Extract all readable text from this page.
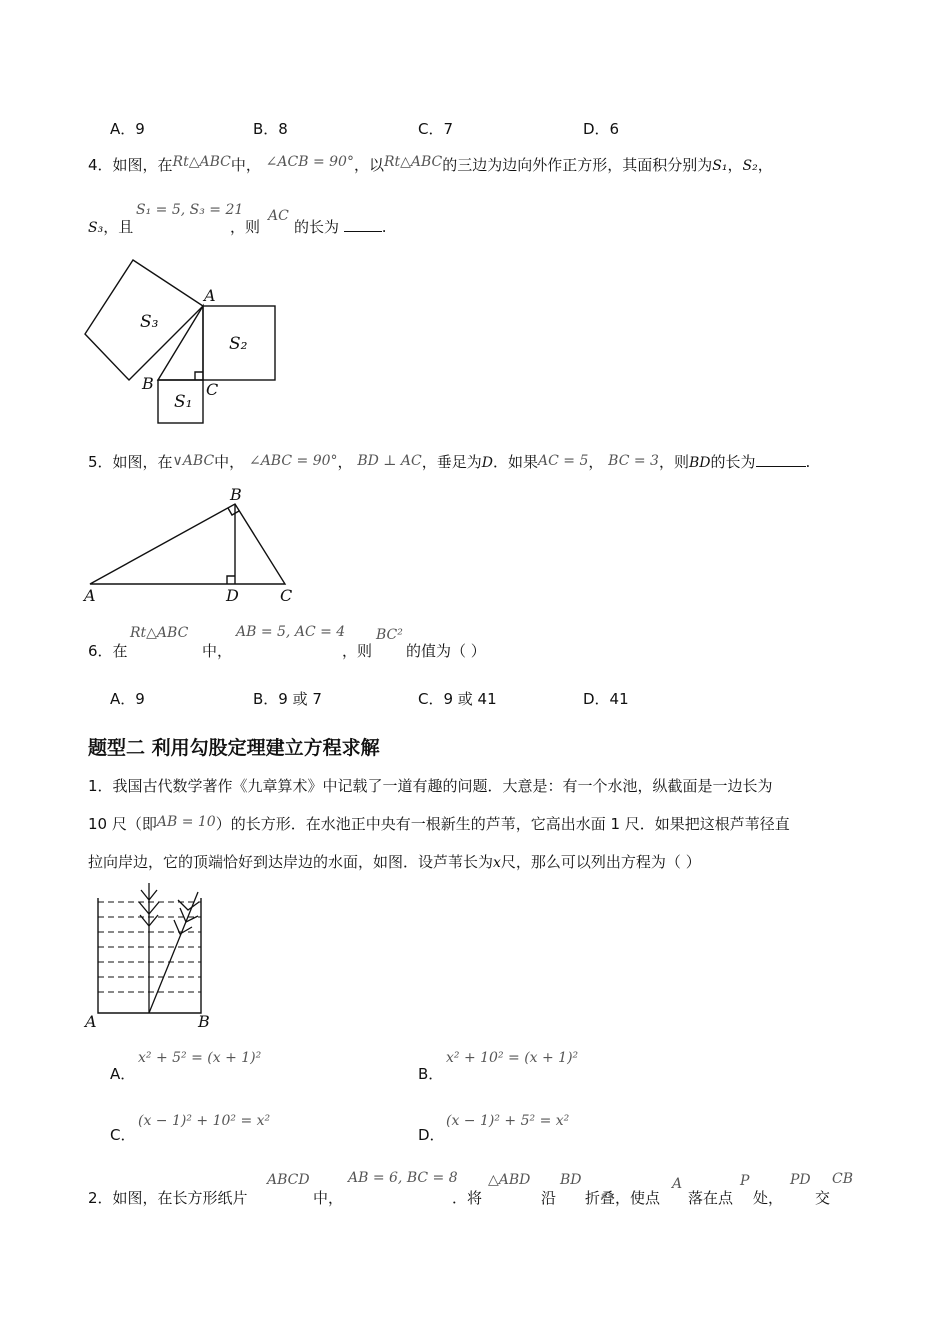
A．9	B．8	C．7	D．6
4．如图，在Rt△ABC中， ∠ACB = 90°，以Rt△ABC的三边为边向外作正方形，其面积分别为S₁，S₂，
S₃，且
S₁ = 5, S₃ = 21
，则
AC
的长为	.
A
B	C
S₃
S₂
S₁
5．如图，在∨ABC中， ∠ABC = 90°， BD ⊥ AC，垂足为D．如果AC = 5， BC = 3，则BD的长为	.
B
A	D	C
6．在
Rt△ABC
中，
AB = 5, AC = 4
，则
BC²
的值为（ ）
A．9	B．9 或 7	C．9 或 41	D．41
题型二 利用勾股定理建立方程求解
1．我国古代数学著作《九章算术》中记载了一道有趣的问题．大意是：有一个水池，纵截面是一边长为
10 尺（即AB = 10）的长方形．在水池正中央有一根新生的芦苇，它高出水面 1 尺．如果把这根芦苇径直
拉向岸边，它的顶端恰好到达岸边的水面，如图．设芦苇长为x尺，那么可以列出方程为（ ）
A	B
A．
x² + 5² = (x + 1)²
B．
x² + 10² = (x + 1)²
C．
(x − 1)² + 10² = x²
D．
(x − 1)² + 5² = x²
2．如图，在长方形纸片
ABCD
中，
AB = 6, BC = 8
．将
△ABD
沿
BD
折叠，使点
A
落在点
P
处，
PD CB
交
